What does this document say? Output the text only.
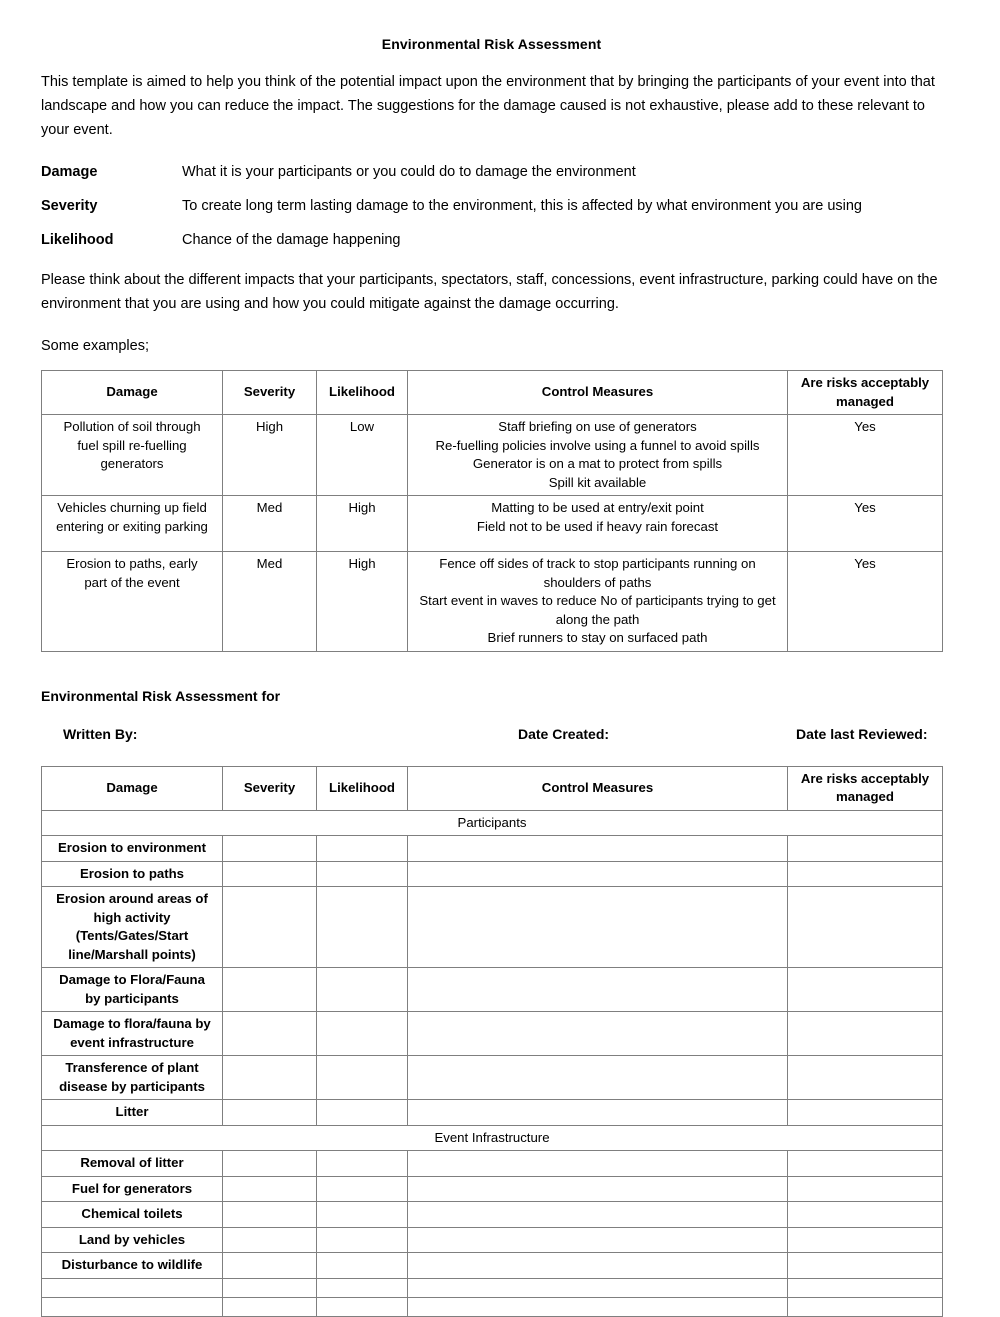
Environmental Risk Assessment

This template is aimed to help you think of the potential impact upon the environment that by bringing the participants of your event into that landscape and how you can reduce the impact. The suggestions for the damage caused is not exhaustive, please add to these relevant to your event.

Damage	What it is your participants or you could do to damage the environment
Severity	To create long term lasting damage to the environment, this is affected by what environment you are using
Likelihood	Chance of the damage happening

Please think about the different impacts that your participants, spectators, staff, concessions, event infrastructure, parking could have on the environment that you are using and how you could mitigate against the damage occurring.

Some examples;
Damage	Severity	Likelihood	Control Measures	Are risks acceptably managed

Pollution of soil through
fuel spill re-fuelling
generators	High	Low	Staff briefing on use of generators
Re-fuelling policies involve using a funnel to avoid spills
Generator is on a mat to protect from spills
Spill kit available	Yes

Vehicles churning up field
entering or exiting parking	Med	High	Matting to be used at entry/exit point
Field not to be used if heavy rain forecast	Yes

Erosion to paths, early
part of the event	Med	High	Fence off sides of track to stop participants running on shoulders of paths
Start event in waves to reduce No of participants trying to get along the path
Brief runners to stay on surfaced path	Yes
Environmental Risk Assessment for
Written By:	Date Created:	Date last Reviewed:
Damage	Severity	Likelihood	Control Measures	Are risks acceptably managed
Participants				

Erosion to environment				

Erosion to paths				

Erosion around areas of
high activity
(Tents/Gates/Start
line/Marshall points)				

Damage to Flora/Fauna
by participants				

Damage to flora/fauna by
event infrastructure				

Transference of plant
disease by participants				

Litter				

Event Infrastructure				

Removal of litter				

Fuel for generators				

Chemical toilets				

Land by vehicles				

Disturbance to wildlife				
